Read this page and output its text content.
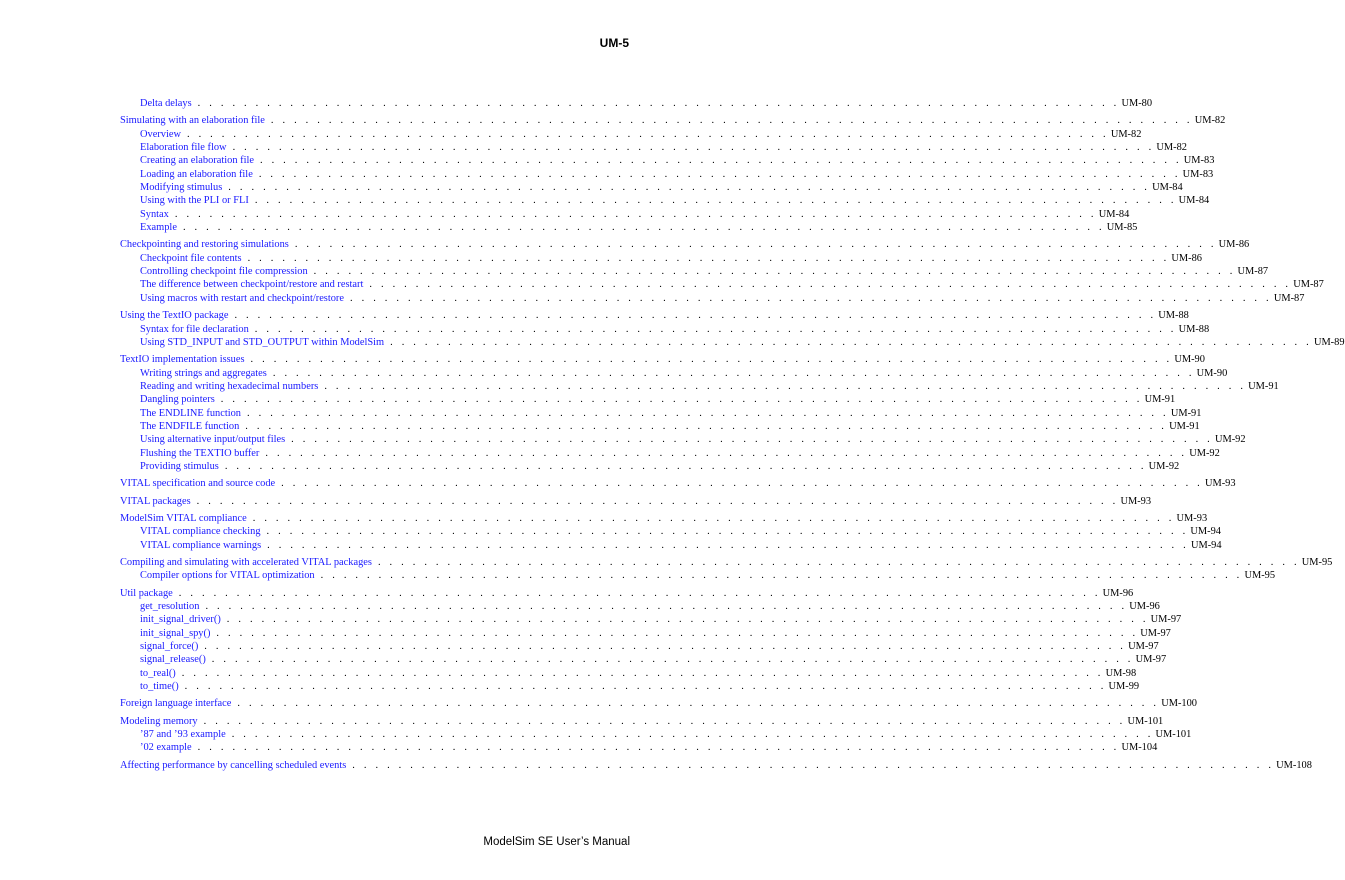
UM-5
Delta delays . . . . . . . . . . . . . . . . . . . . . . . . . . . . . . . . . . . . . . . . . . . . . . . . . . . . . . . . . . . . . . . . . . . . . . . . . . . . . . . . UM-80
Simulating with an elaboration file . . . . . . . . . . . . . . . . . . . . . . . . . . . . . . . . . . . . . . . . . . . . . . . . . . . . . . . . . . . . . . . . . . . . . . . . . . . . . . . . UM-82
Overview . . . . . . . . . . . . . . . . . . . . . . . . . . . . . . . . . . . . . . . . . . . . . . . . . . . . . . . . . . . . . . . . . . . . . . . . . . . . . . . . UM-82
Elaboration file flow . . . . . . . . . . . . . . . . . . . . . . . . . . . . . . . . . . . . . . . . . . . . . . . . . . . . . . . . . . . . . . . . . . . . . . . . . . . . . . . . UM-82
Creating an elaboration file . . . . . . . . . . . . . . . . . . . . . . . . . . . . . . . . . . . . . . . . . . . . . . . . . . . . . . . . . . . . . . . . . . . . . . . . . . . . . . . . UM-83
Loading an elaboration file . . . . . . . . . . . . . . . . . . . . . . . . . . . . . . . . . . . . . . . . . . . . . . . . . . . . . . . . . . . . . . . . . . . . . . . . . . . . . . . . UM-83
Modifying stimulus . . . . . . . . . . . . . . . . . . . . . . . . . . . . . . . . . . . . . . . . . . . . . . . . . . . . . . . . . . . . . . . . . . . . . . . . . . . . . . . . UM-84
Using with the PLI or FLI . . . . . . . . . . . . . . . . . . . . . . . . . . . . . . . . . . . . . . . . . . . . . . . . . . . . . . . . . . . . . . . . . . . . . . . . . . . . . . . . UM-84
Syntax . . . . . . . . . . . . . . . . . . . . . . . . . . . . . . . . . . . . . . . . . . . . . . . . . . . . . . . . . . . . . . . . . . . . . . . . . . . . . . . . UM-84
Example . . . . . . . . . . . . . . . . . . . . . . . . . . . . . . . . . . . . . . . . . . . . . . . . . . . . . . . . . . . . . . . . . . . . . . . . . . . . . . . . UM-85
Checkpointing and restoring simulations . . . . . . . . . . . . . . . . . . . . . . . . . . . . . . . . . . . . . . . . . . . . . . . . . . . . . . . . . . . . . . . . . . . . . . . . . . . . . . . . UM-86
Checkpoint file contents . . . . . . . . . . . . . . . . . . . . . . . . . . . . . . . . . . . . . . . . . . . . . . . . . . . . . . . . . . . . . . . . . . . . . . . . . . . . . . . . UM-86
Controlling checkpoint file compression . . . . . . . . . . . . . . . . . . . . . . . . . . . . . . . . . . . . . . . . . . . . . . . . . . . . . . . . . . . . . . . . . . . . . . . . . . . . . . . . UM-87
The difference between checkpoint/restore and restart . . . . . . . . . . . . . . . . . . . . . . . . . . . . . . . . . . . . . . . . . . . . . . . . . . . . . . . . . . . . . . . . . . . . . . . . . . . . . . . . UM-87
Using macros with restart and checkpoint/restore . . . . . . . . . . . . . . . . . . . . . . . . . . . . . . . . . . . . . . . . . . . . . . . . . . . . . . . . . . . . . . . . . . . . . . . . . . . . . . . . UM-87
Using the TextIO package . . . . . . . . . . . . . . . . . . . . . . . . . . . . . . . . . . . . . . . . . . . . . . . . . . . . . . . . . . . . . . . . . . . . . . . . . . . . . . . . UM-88
Syntax for file declaration . . . . . . . . . . . . . . . . . . . . . . . . . . . . . . . . . . . . . . . . . . . . . . . . . . . . . . . . . . . . . . . . . . . . . . . . . . . . . . . . UM-88
Using STD_INPUT and STD_OUTPUT within ModelSim . . . . . . . . . . . . . . . . . . . . . . . . . . . . . . . . . . . . . . . . . . . . . . . . . . . . . . . . . . . . . . . . . . . . . . . . . . . . . . . . UM-89
TextIO implementation issues . . . . . . . . . . . . . . . . . . . . . . . . . . . . . . . . . . . . . . . . . . . . . . . . . . . . . . . . . . . . . . . . . . . . . . . . . . . . . . . . UM-90
Writing strings and aggregates . . . . . . . . . . . . . . . . . . . . . . . . . . . . . . . . . . . . . . . . . . . . . . . . . . . . . . . . . . . . . . . . . . . . . . . . . . . . . . . . UM-90
Reading and writing hexadecimal numbers . . . . . . . . . . . . . . . . . . . . . . . . . . . . . . . . . . . . . . . . . . . . . . . . . . . . . . . . . . . . . . . . . . . . . . . . . . . . . . . . UM-91
Dangling pointers . . . . . . . . . . . . . . . . . . . . . . . . . . . . . . . . . . . . . . . . . . . . . . . . . . . . . . . . . . . . . . . . . . . . . . . . . . . . . . . . UM-91
The ENDLINE function . . . . . . . . . . . . . . . . . . . . . . . . . . . . . . . . . . . . . . . . . . . . . . . . . . . . . . . . . . . . . . . . . . . . . . . . . . . . . . . . UM-91
The ENDFILE function . . . . . . . . . . . . . . . . . . . . . . . . . . . . . . . . . . . . . . . . . . . . . . . . . . . . . . . . . . . . . . . . . . . . . . . . . . . . . . . . UM-91
Using alternative input/output files . . . . . . . . . . . . . . . . . . . . . . . . . . . . . . . . . . . . . . . . . . . . . . . . . . . . . . . . . . . . . . . . . . . . . . . . . . . . . . . . UM-92
Flushing the TEXTIO buffer . . . . . . . . . . . . . . . . . . . . . . . . . . . . . . . . . . . . . . . . . . . . . . . . . . . . . . . . . . . . . . . . . . . . . . . . . . . . . . . . UM-92
Providing stimulus . . . . . . . . . . . . . . . . . . . . . . . . . . . . . . . . . . . . . . . . . . . . . . . . . . . . . . . . . . . . . . . . . . . . . . . . . . . . . . . . UM-92
VITAL specification and source code . . . . . . . . . . . . . . . . . . . . . . . . . . . . . . . . . . . . . . . . . . . . . . . . . . . . . . . . . . . . . . . . . . . . . . . . . . . . . . . . UM-93
VITAL packages . . . . . . . . . . . . . . . . . . . . . . . . . . . . . . . . . . . . . . . . . . . . . . . . . . . . . . . . . . . . . . . . . . . . . . . . . . . . . . . . UM-93
ModelSim VITAL compliance . . . . . . . . . . . . . . . . . . . . . . . . . . . . . . . . . . . . . . . . . . . . . . . . . . . . . . . . . . . . . . . . . . . . . . . . . . . . . . . . UM-93
VITAL compliance checking . . . . . . . . . . . . . . . . . . . . . . . . . . . . . . . . . . . . . . . . . . . . . . . . . . . . . . . . . . . . . . . . . . . . . . . . . . . . . . . . UM-94
VITAL compliance warnings . . . . . . . . . . . . . . . . . . . . . . . . . . . . . . . . . . . . . . . . . . . . . . . . . . . . . . . . . . . . . . . . . . . . . . . . . . . . . . . . UM-94
Compiling and simulating with accelerated VITAL packages . . . . . . . . . . . . . . . . . . . . . . . . . . . . . . . . . . . . . . . . . . . . . . . . . . . . . . . . . . . . . . . . . . . . . . . . . . . . . . . . UM-95
Compiler options for VITAL optimization . . . . . . . . . . . . . . . . . . . . . . . . . . . . . . . . . . . . . . . . . . . . . . . . . . . . . . . . . . . . . . . . . . . . . . . . . . . . . . . . UM-95
Util package . . . . . . . . . . . . . . . . . . . . . . . . . . . . . . . . . . . . . . . . . . . . . . . . . . . . . . . . . . . . . . . . . . . . . . . . . . . . . . . . UM-96
get_resolution . . . . . . . . . . . . . . . . . . . . . . . . . . . . . . . . . . . . . . . . . . . . . . . . . . . . . . . . . . . . . . . . . . . . . . . . . . . . . . . . UM-96
init_signal_driver() . . . . . . . . . . . . . . . . . . . . . . . . . . . . . . . . . . . . . . . . . . . . . . . . . . . . . . . . . . . . . . . . . . . . . . . . . . . . . . . . UM-97
init_signal_spy() . . . . . . . . . . . . . . . . . . . . . . . . . . . . . . . . . . . . . . . . . . . . . . . . . . . . . . . . . . . . . . . . . . . . . . . . . . . . . . . . UM-97
signal_force() . . . . . . . . . . . . . . . . . . . . . . . . . . . . . . . . . . . . . . . . . . . . . . . . . . . . . . . . . . . . . . . . . . . . . . . . . . . . . . . . UM-97
signal_release() . . . . . . . . . . . . . . . . . . . . . . . . . . . . . . . . . . . . . . . . . . . . . . . . . . . . . . . . . . . . . . . . . . . . . . . . . . . . . . . . UM-97
to_real() . . . . . . . . . . . . . . . . . . . . . . . . . . . . . . . . . . . . . . . . . . . . . . . . . . . . . . . . . . . . . . . . . . . . . . . . . . . . . . . . UM-98
to_time() . . . . . . . . . . . . . . . . . . . . . . . . . . . . . . . . . . . . . . . . . . . . . . . . . . . . . . . . . . . . . . . . . . . . . . . . . . . . . . . . UM-99
Foreign language interface . . . . . . . . . . . . . . . . . . . . . . . . . . . . . . . . . . . . . . . . . . . . . . . . . . . . . . . . . . . . . . . . . . . . . . . . . . . . . . . . UM-100
Modeling memory . . . . . . . . . . . . . . . . . . . . . . . . . . . . . . . . . . . . . . . . . . . . . . . . . . . . . . . . . . . . . . . . . . . . . . . . . . . . . . . . UM-101
’87 and ’93 example . . . . . . . . . . . . . . . . . . . . . . . . . . . . . . . . . . . . . . . . . . . . . . . . . . . . . . . . . . . . . . . . . . . . . . . . . . . . . . . . UM-101
’02 example . . . . . . . . . . . . . . . . . . . . . . . . . . . . . . . . . . . . . . . . . . . . . . . . . . . . . . . . . . . . . . . . . . . . . . . . . . . . . . . . UM-104
Affecting performance by cancelling scheduled events . . . . . . . . . . . . . . . . . . . . . . . . . . . . . . . . . . . . . . . . . . . . . . . . . . . . . . . . . . . . . . . . . . . . . . . . . . . . . . . . UM-108
ModelSim SE User’s Manual
